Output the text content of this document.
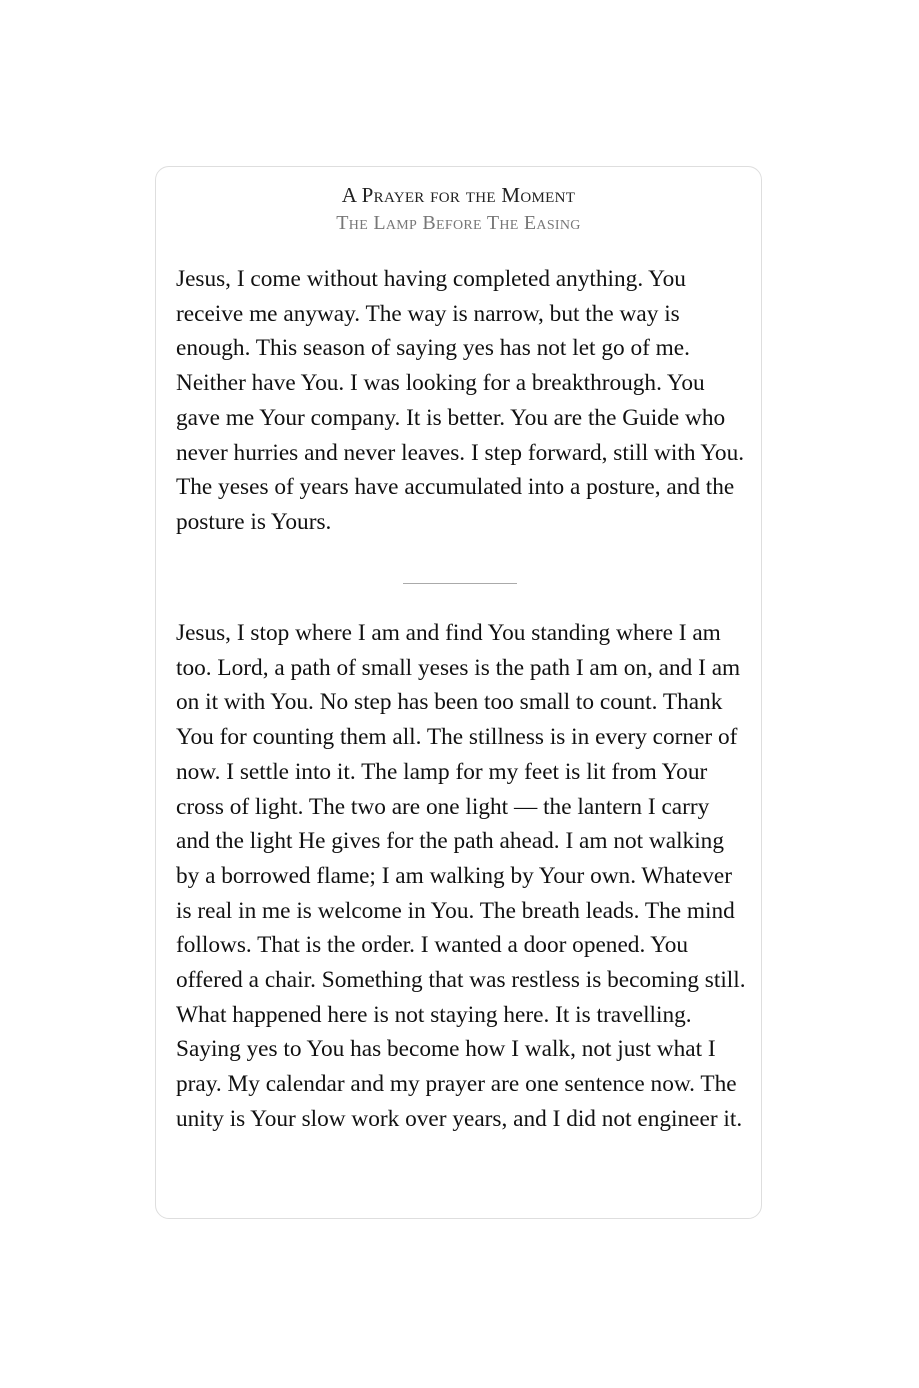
A Prayer for the Moment
The Lamp Before The Easing

Jesus, I come without having completed anything. You receive me anyway. The way is narrow, but the way is enough. This season of saying yes has not let go of me. Neither have You. I was looking for a breakthrough. You gave me Your company. It is better. You are the Guide who never hurries and never leaves. I step forward, still with You. The yeses of years have accumulated into a posture, and the posture is Yours.

Jesus, I stop where I am and find You standing where I am too. Lord, a path of small yeses is the path I am on, and I am on it with You. No step has been too small to count. Thank You for counting them all. The stillness is in every corner of now. I settle into it. The lamp for my feet is lit from Your cross of light. The two are one light — the lantern I carry and the light He gives for the path ahead. I am not walking by a borrowed flame; I am walking by Your own. Whatever is real in me is welcome in You. The breath leads. The mind follows. That is the order. I wanted a door opened. You offered a chair. Something that was restless is becoming still. What happened here is not staying here. It is travelling. Saying yes to You has become how I walk, not just what I pray. My calendar and my prayer are one sentence now. The unity is Your slow work over years, and I did not engineer it.
